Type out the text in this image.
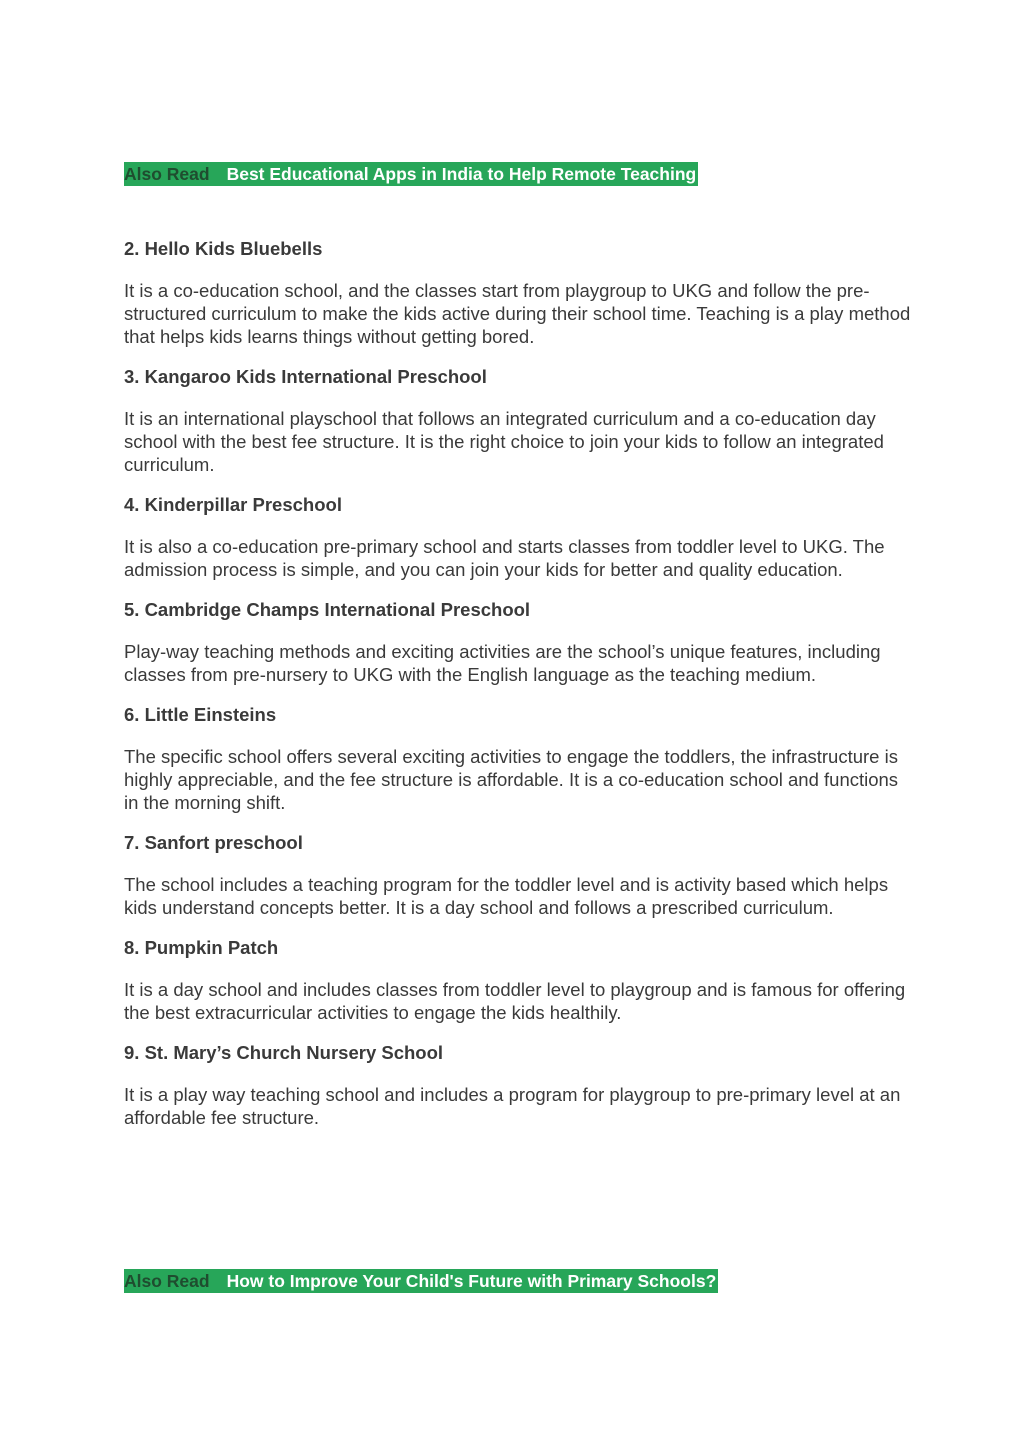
Also Read Best Educational Apps in India to Help Remote Teaching
2. Hello Kids Bluebells

It is a co-education school, and the classes start from playgroup to UKG and follow the pre-structured curriculum to make the kids active during their school time. Teaching is a play method that helps kids learns things without getting bored.

3. Kangaroo Kids International Preschool

It is an international playschool that follows an integrated curriculum and a co-education day school with the best fee structure. It is the right choice to join your kids to follow an integrated curriculum.

4. Kinderpillar Preschool

It is also a co-education pre-primary school and starts classes from toddler level to UKG. The admission process is simple, and you can join your kids for better and quality education.

5. Cambridge Champs International Preschool

Play-way teaching methods and exciting activities are the school’s unique features, including classes from pre-nursery to UKG with the English language as the teaching medium.

6. Little Einsteins

The specific school offers several exciting activities to engage the toddlers, the infrastructure is highly appreciable, and the fee structure is affordable. It is a co-education school and functions in the morning shift.

7. Sanfort preschool

The school includes a teaching program for the toddler level and is activity based which helps kids understand concepts better. It is a day school and follows a prescribed curriculum.

8. Pumpkin Patch

It is a day school and includes classes from toddler level to playgroup and is famous for offering the best extracurricular activities to engage the kids healthily.

9. St. Mary’s Church Nursery School

It is a play way teaching school and includes a program for playgroup to pre-primary level at an affordable fee structure.

Also Read How to Improve Your Child's Future with Primary Schools?
